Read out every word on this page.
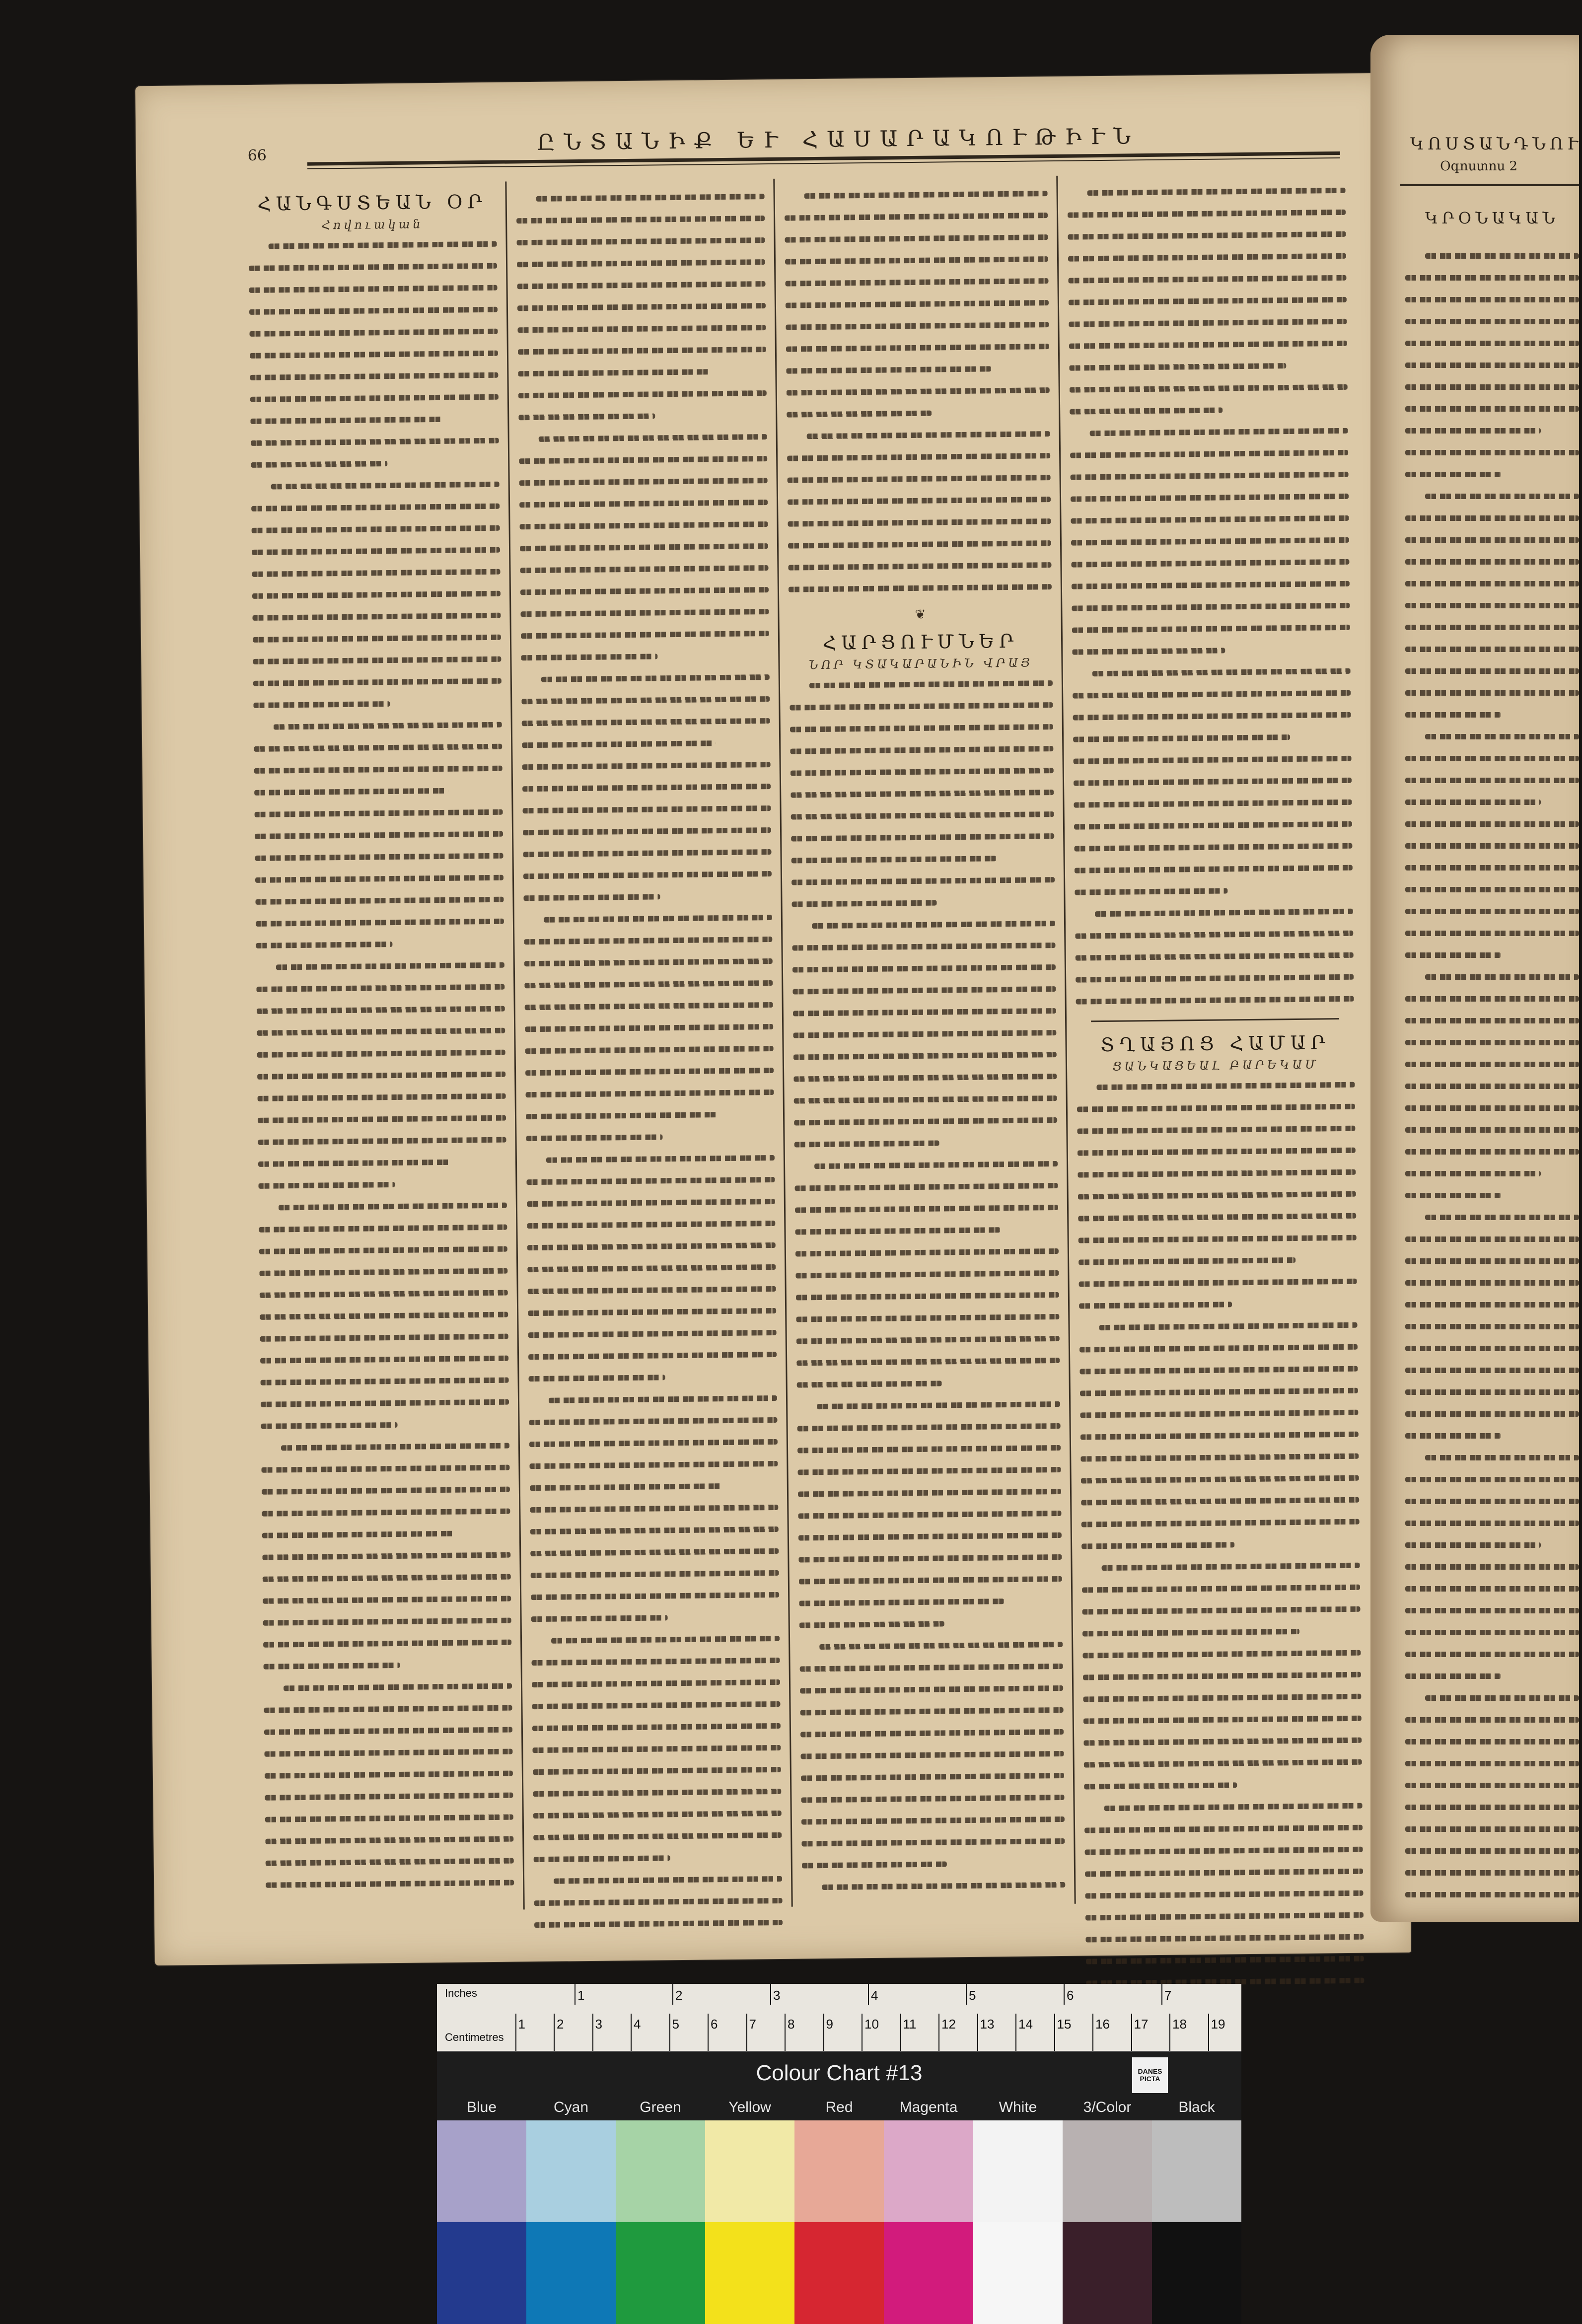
66
ԸՆՏԱՆԻՔ ԵՒ ՀԱՍԱՐԱԿՈՒԹԻՒՆ
ՀԱՆԳՍՏԵԱՆ ՕՐ
Հովուական
❦
ՀԱՐՑՈՒՄՆԵՐ
ՆՈՐ ԿՏԱԿԱՐԱՆԻՆ ՎՐԱՅ
ՏՂԱՅՈՑ ՀԱՄԱՐ
ՑԱՆԿԱՑԵԱԼ ԲԱՐԵԿԱՄ
ԿՈՍՏԱՆԴՆՈՒ
Օգոստոս 2
ԿՐՕՆԱԿԱՆ
Inches
Centimetres
1	2	3	4	5	6	7
1 2 3 4 5 6 7 8 9 10 11 12 13 14 15 16 17 18 19
Colour Chart #13	DANES PICTA
Blue	Cyan	Green	Yellow	Red	Magenta	White	3/Color	Black
